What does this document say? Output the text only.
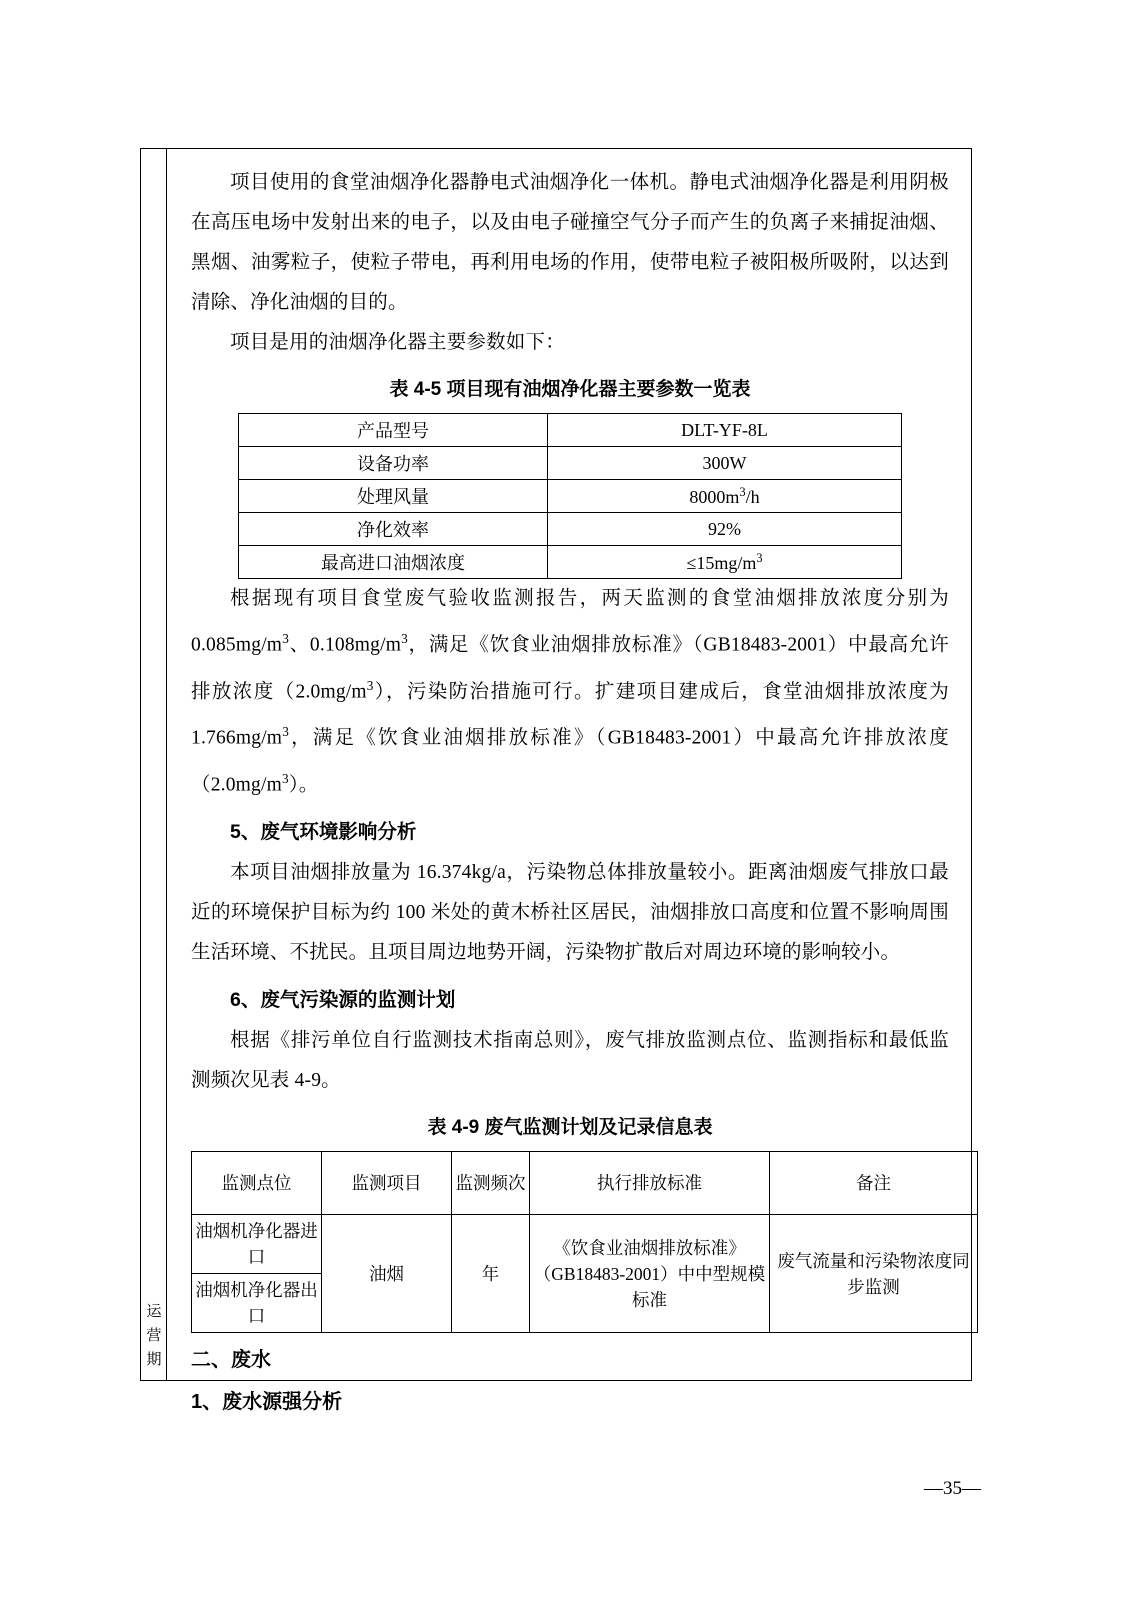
运营期

项目使用的食堂油烟净化器静电式油烟净化一体机。静电式油烟净化器是利用阴极在高压电场中发射出来的电子，以及由电子碰撞空气分子而产生的负离子来捕捉油烟、黑烟、油雾粒子，使粒子带电，再利用电场的作用，使带电粒子被阳极所吸附，以达到清除、净化油烟的目的。

项目是用的油烟净化器主要参数如下：

表 4-5 项目现有油烟净化器主要参数一览表
产品型号	DLT-YF-8L
设备功率	300W
处理风量	$8000m^3/h$
净化效率	92%
最高进口油烟浓度	$\le 15mg/m^3$

根据现有项目食堂废气验收监测报告，两天监测的食堂油烟排放浓度分别为$0.085mg/m^3$、$0.108mg/m^3$，满足《饮食业油烟排放标准》（GB18483-2001）中最高允许排放浓度$(2.0mg/m^3)$，污染防治措施可行。扩建项目建成后，食堂油烟排放浓度为 $1.766mg/m^3$，满足《饮食业油烟排放标准》（GB18483-2001）中最高允许排放浓度$(2.0mg/m^3)$。

5、废气环境影响分析

本项目油烟排放量为 16.374kg/a，污染物总体排放量较小。距离油烟废气排放口最近的环境保护目标为约 100 米处的黄木桥社区居民，油烟排放口高度和位置不影响周围生活环境、不扰民。且项目周边地势开阔，污染物扩散后对周边环境的影响较小。

6、废气污染源的监测计划

根据《排污单位自行监测技术指南总则》，废气排放监测点位、监测指标和最低监测频次见表 4-9。

表 4-9 废气监测计划及记录信息表
监测点位	监测项目	监测频次	执行排放标准	备注
油烟机净化器进口	油烟	年	《饮食业油烟排放标准》（GB18483-2001）中中型规模标准	废气流量和污染物浓度同步监测
油烟机净化器出口				
二、废水
1、废水源强分析
—35—
